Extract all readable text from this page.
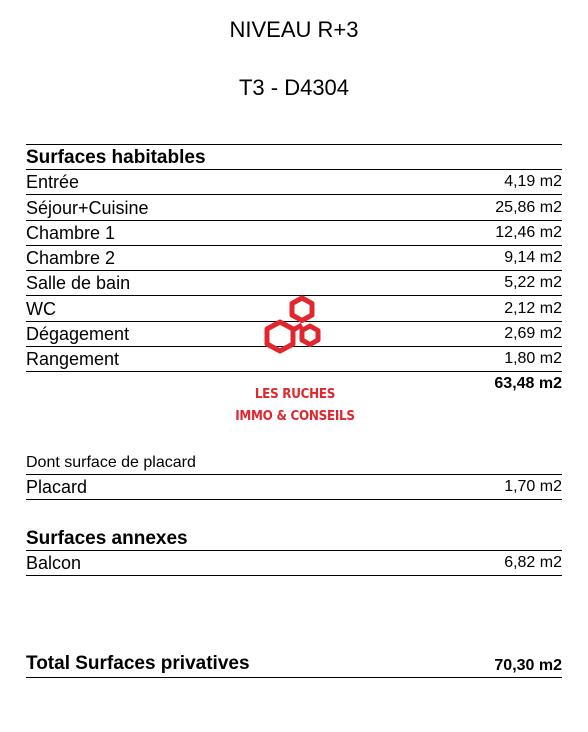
NIVEAU R+3
T3 - D4304
Surfaces habitables
Entrée	4,19 m2
Séjour+Cuisine	25,86 m2
Chambre 1	12,46 m2
Chambre 2	9,14 m2
Salle de bain	5,22 m2
WC	2,12 m2
Dégagement	2,69 m2
Rangement	1,80 m2
63,48 m2
Dont surface de placard
Placard	1,70 m2
Surfaces annexes
Balcon	6,82 m2
Total Surfaces privatives	70,30 m2
LES RUCHES
IMMO & CONSEILS
